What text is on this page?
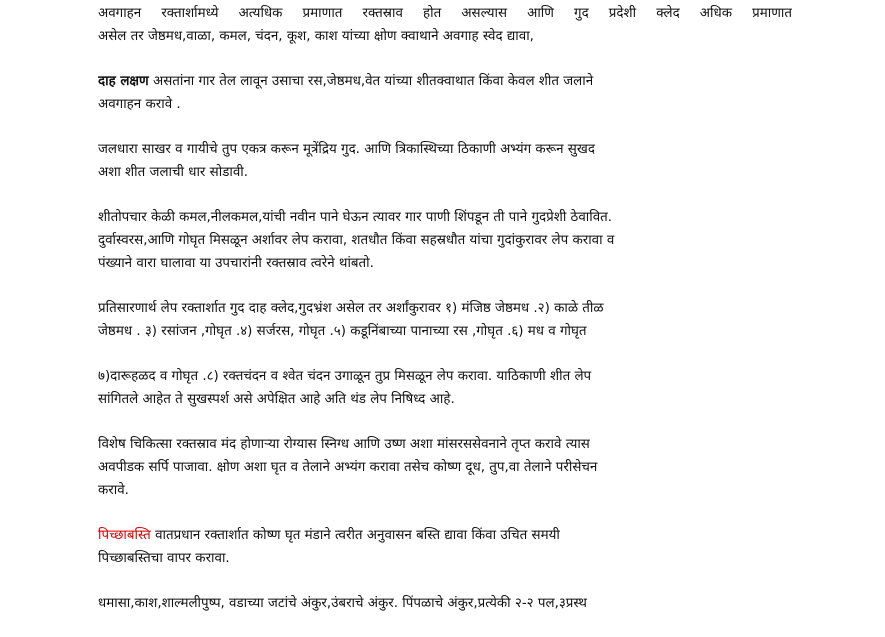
अवगाहन रक्तार्शामध्ये अत्यधिक प्रमाणात रक्तस्राव होत असल्यास आणि गुद प्रदेशी क्लेद अधिक प्रमाणात
असेल तर जेष्ठमध,वाळा, कमल, चंदन, कूश, काश यांच्या क्षोण क्वाथाने अवगाह स्वेद द्यावा,
दाह लक्षण असतांना गार तेल लावून उसाचा रस,जेष्ठमध,वेत यांच्या शीतक्वाथात किंवा केवल शीत जलाने
अवगाहन करावे .
जलधारा साखर व गायीचे तुप एकत्र करून मूत्रेंद्रिय गुद. आणि त्रिकास्थिच्या ठिकाणी अभ्यंग करून सुखद
अशा शीत जलाची धार सोडावी.
शीतोपचार केळी कमल,नीलकमल,यांची नवीन पाने घेऊन त्यावर गार पाणी शिंपडून ती पाने गुदप्रेशी ठेवावित.
दुर्वास्वरस,आणि गोघृत मिसळून अर्शावर लेप करावा, शतधौत किंवा सहस्रधौत यांचा गुदांकुरावर लेप करावा व
पंख्याने वारा घालावा या उपचारांनी रक्तस्राव त्वरेने थांबतो.
प्रतिसारणार्थ लेप रक्तार्शात गुद दाह क्लेद,गुदभ्रंश असेल तर अर्शांकुरावर १) मंजिष्ठ जेष्ठमध .२) काळे तीळ
जेष्ठमध . ३) रसांजन ,गोघृत .४) सर्जरस, गोघृत .५) कडूनिंबाच्या पानाच्या रस ,गोघृत .६) मध व गोघृत
७)दारूहळद व गोघृत .८) रक्तचंदन व श्वेत चंदन उगाळून तुप्र मिसळून लेप करावा. याठिकाणी शीत लेप
सांगितले आहेत ते सुखस्पर्श असे अपेक्षित आहे अति थंड लेप निषिध्द आहे.
विशेष चिकित्सा रक्तस्राव मंद होणाऱ्या रोग्यास स्निग्ध आणि उष्ण अशा मांसरससेवनाने तृप्त करावे त्यास
अवपीडक सर्पि पाजावा. क्षोण अशा घृत व तेलाने अभ्यंग करावा तसेच कोष्ण दूध, तुप,वा तेलाने परीसेचन
करावे.
पिच्छाबस्ति वातप्रधान रक्तार्शात कोष्ण घृत मंडाने त्वरीत अनुवासन बस्ति द्यावा किंवा उचित समयी
पिच्छाबस्तिचा वापर करावा.
धमासा,काश,शाल्मलीपुष्प, वडाच्या जटांचे अंकुर,उंबराचे अंकुर. पिंपळाचे अंकुर,प्रत्येकी २-२ पल,३प्रस्थ
